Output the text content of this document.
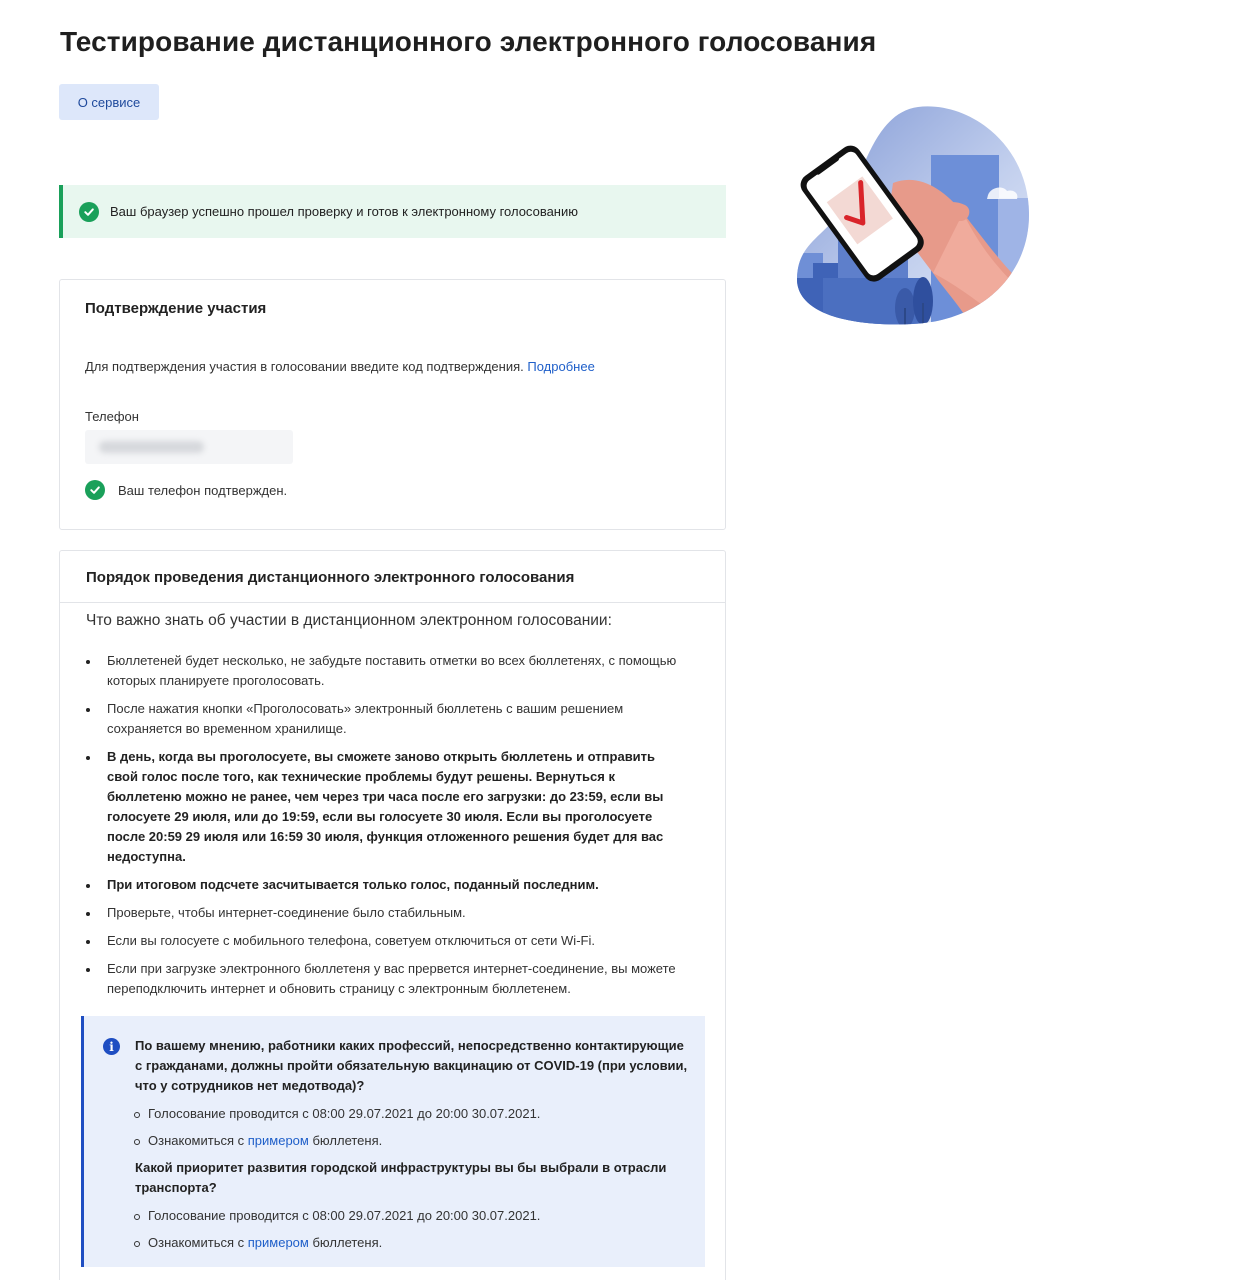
Тестирование дистанционного электронного голосования
О сервисе
Ваш браузер успешно прошел проверку и готов к электронному голосованию
Подтверждение участия
Для подтверждения участия в голосовании введите код подтверждения. Подробнее
Телефон
Ваш телефон подтвержден.
Порядок проведения дистанционного электронного голосования
Что важно знать об участии в дистанционном электронном голосовании:
Бюллетеней будет несколько, не забудьте поставить отметки во всех бюллетенях, с помощью которых планируете проголосовать.
После нажатия кнопки «Проголосовать» электронный бюллетень с вашим решением сохраняется во временном хранилище.
В день, когда вы проголосуете, вы сможете заново открыть бюллетень и отправить свой голос после того, как технические проблемы будут решены. Вернуться к бюллетеню можно не ранее, чем через три часа после его загрузки: до 23:59, если вы голосуете 29 июля, или до 19:59, если вы голосуете 30 июля. Если вы проголосуете после 20:59 29 июля или 16:59 30 июля, функция отложенного решения будет для вас недоступна.
При итоговом подсчете засчитывается только голос, поданный последним.
Проверьте, чтобы интернет-соединение было стабильным.
Если вы голосуете с мобильного телефона, советуем отключиться от сети Wi-Fi.
Если при загрузке электронного бюллетеня у вас прервется интернет-соединение, вы можете переподключить интернет и обновить страницу с электронным бюллетенем.
i	По вашему мнению, работники каких профессий, непосредственно контактирующие с гражданами, должны пройти обязательную вакцинацию от COVID-19 (при условии, что у сотрудников нет медотвода)?
Голосование проводится с 08:00 29.07.2021 до 20:00 30.07.2021.
Ознакомиться с примером бюллетеня.
Какой приоритет развития городской инфраструктуры вы бы выбрали в отрасли транспорта?
Голосование проводится с 08:00 29.07.2021 до 20:00 30.07.2021.
Ознакомиться с примером бюллетеня.
